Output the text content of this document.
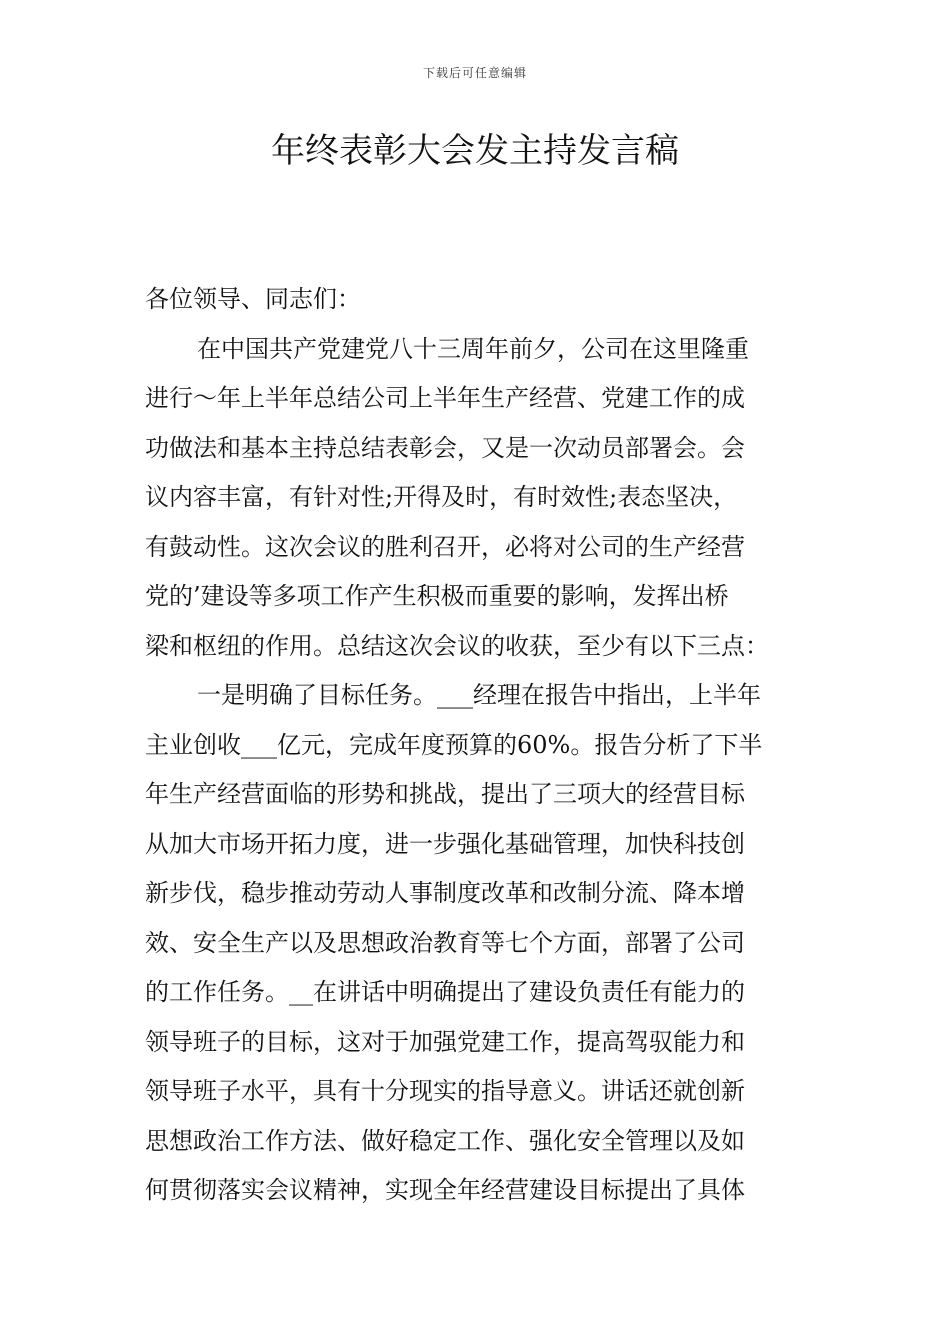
下载后可任意编辑
年终表彰大会发主持发言稿
各位领导、同志们：
在中国共产党建党八十三周年前夕，公司在这里隆重
进行～年上半年总结公司上半年生产经营、党建工作的成
功做法和基本主持总结表彰会，又是一次动员部署会。会
议内容丰富，有针对性;开得及时，有时效性;表态坚决，
有鼓动性。这次会议的胜利召开，必将对公司的生产经营
党的’建设等多项工作产生积极而重要的影响，发挥出桥
梁和枢纽的作用。总结这次会议的收获，至少有以下三点：
一是明确了目标任务。___经理在报告中指出，上半年
主业创收___亿元，完成年度预算的60%。报告分析了下半
年生产经营面临的形势和挑战，提出了三项大的经营目标
从加大市场开拓力度，进一步强化基础管理，加快科技创
新步伐，稳步推动劳动人事制度改革和改制分流、降本增
效、安全生产以及思想政治教育等七个方面，部署了公司
的工作任务。__在讲话中明确提出了建设负责任有能力的
领导班子的目标，这对于加强党建工作，提高驾驭能力和
领导班子水平，具有十分现实的指导意义。讲话还就创新
思想政治工作方法、做好稳定工作、强化安全管理以及如
何贯彻落实会议精神，实现全年经营建设目标提出了具体
